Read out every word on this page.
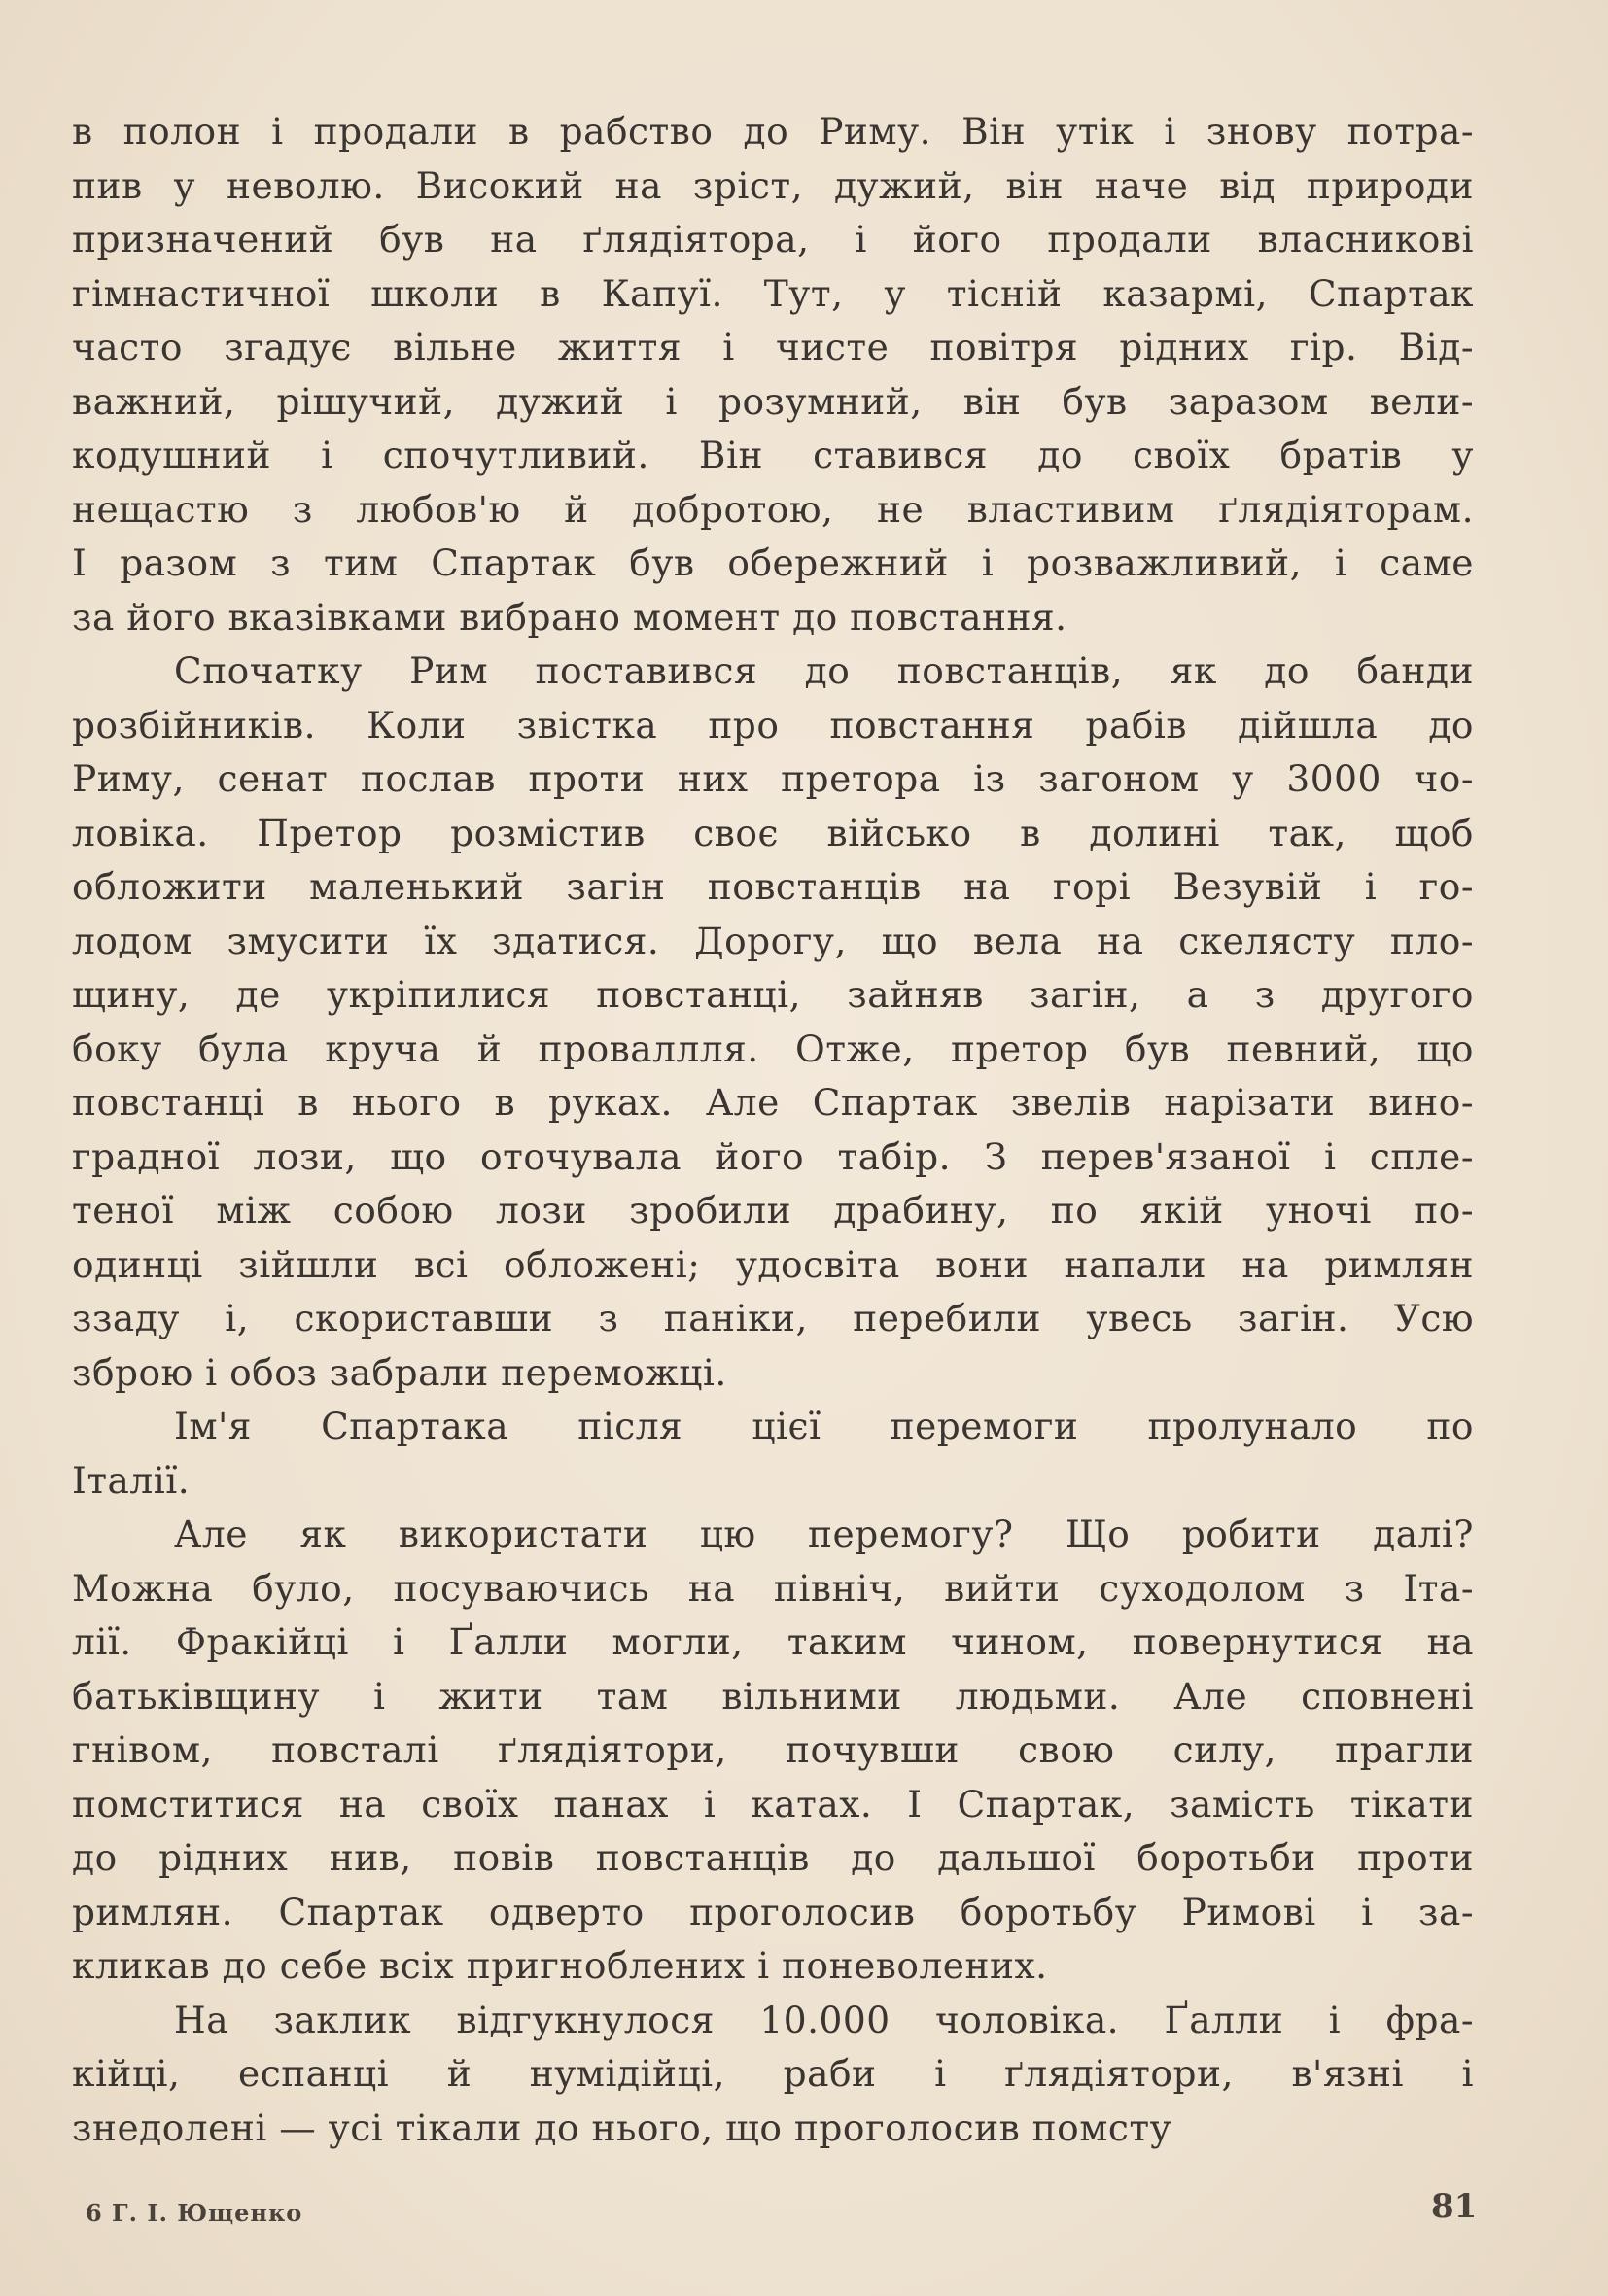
в полон і продали в рабство до Риму. Він утік і знову потра-
пив у неволю. Високий на зріст, дужий, він наче від природи
призначений був на ґлядіятора, і його продали власникові
гімнастичної школи в Капуї. Тут, у тісній казармі, Спартак
часто згадує вільне життя і чисте повітря рідних гір. Від-
важний, рішучий, дужий і розумний, він був заразом вели-
кодушний і спочутливий. Він ставився до своїх братів у
нещастю з любов'ю й добротою, не властивим ґлядіяторам.
І разом з тим Спартак був обережний і розважливий, і саме
за його вказівками вибрано момент до повстання.
Спочатку Рим поставився до повстанців, як до банди
розбійників. Коли звістка про повстання рабів дійшла до
Риму, сенат послав проти них претора із загоном у 3000 чо-
ловіка. Претор розмістив своє військо в долині так, щоб
обложити маленький загін повстанців на горі Везувій і го-
лодом змусити їх здатися. Дорогу, що вела на скелясту пло-
щину, де укріпилися повстанці, зайняв загін, а з другого
боку була круча й проваллля. Отже, претор був певний, що
повстанці в нього в руках. Але Спартак звелів нарізати вино-
градної лози, що оточувала його табір. З перев'язаної і спле-
теної між собою лози зробили драбину, по якій уночі по-
одинці зійшли всі обложені; удосвіта вони напали на римлян
ззаду і, скориставши з паніки, перебили увесь загін. Усю
зброю і обоз забрали переможці.
Ім'я Спартака після цієї перемоги пролунало по
Італії.
Але як використати цю перемогу? Що робити далі?
Можна було, посуваючись на північ, вийти суходолом з Іта-
лії. Фракійці і Ґалли могли, таким чином, повернутися на
батьківщину і жити там вільними людьми. Але сповнені
гнівом, повсталі ґлядіятори, почувши свою силу, прагли
помститися на своїх панах і катах. І Спартак, замість тікати
до рідних нив, повів повстанців до дальшої боротьби проти
римлян. Спартак одверто проголосив боротьбу Римові і за-
кликав до себе всіх пригноблених і поневолених.
На заклик відгукнулося 10.000 чоловіка. Ґалли і фра-
кійці, еспанці й нумідійці, раби і ґлядіятори, в'язні і
знедолені — усі тікали до нього, що проголосив помсту
6 Г. І. Ющенко	81
